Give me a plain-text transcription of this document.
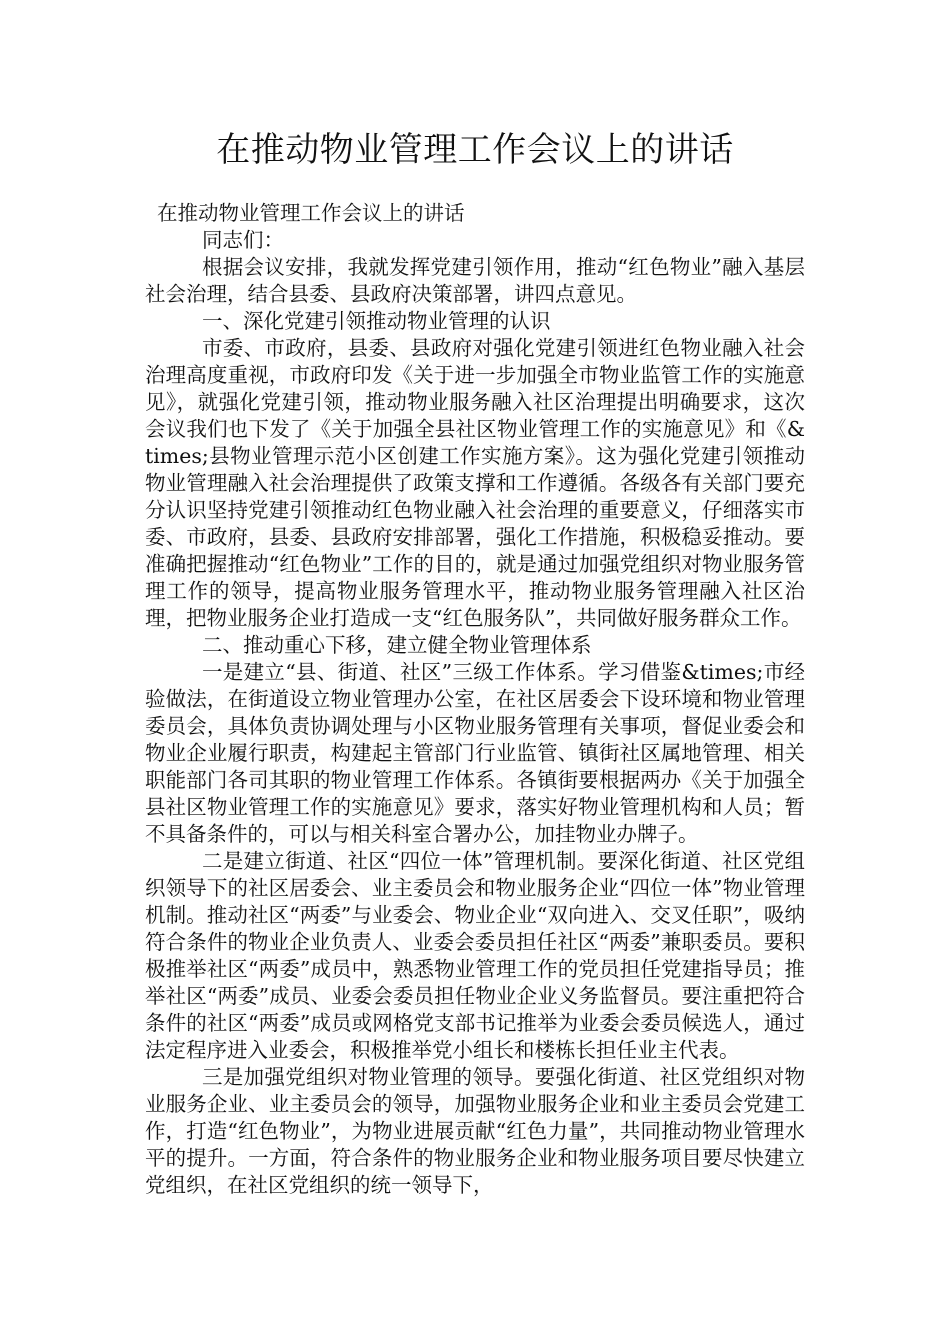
在推动物业管理工作会议上的讲话

在推动物业管理工作会议上的讲话

同志们：

根据会议安排，我就发挥党建引领作用，推动“红色物业”融入基层社会治理，结合县委、县政府决策部署，讲四点意见。

一、深化党建引领推动物业管理的认识

市委、市政府，县委、县政府对强化党建引领进红色物业融入社会治理高度重视，市政府印发《关于进一步加强全市物业监管工作的实施意见》，就强化党建引领，推动物业服务融入社区治理提出明确要求，这次会议我们也下发了《关于加强全县社区物业管理工作的实施意见》和《&times;县物业管理示范小区创建工作实施方案》。这为强化党建引领推动物业管理融入社会治理提供了政策支撑和工作遵循。各级各有关部门要充分认识坚持党建引领推动红色物业融入社会治理的重要意义，仔细落实市委、市政府，县委、县政府安排部署，强化工作措施，积极稳妥推动。要准确把握推动“红色物业”工作的目的，就是通过加强党组织对物业服务管理工作的领导，提高物业服务管理水平，推动物业服务管理融入社区治理，把物业服务企业打造成一支“红色服务队”，共同做好服务群众工作。

二、推动重心下移，建立健全物业管理体系

一是建立“县、街道、社区”三级工作体系。学习借鉴&times;市经验做法，在街道设立物业管理办公室，在社区居委会下设环境和物业管理委员会，具体负责协调处理与小区物业服务管理有关事项，督促业委会和物业企业履行职责，构建起主管部门行业监管、镇街社区属地管理、相关职能部门各司其职的物业管理工作体系。各镇街要根据两办《关于加强全县社区物业管理工作的实施意见》要求，落实好物业管理机构和人员；暂不具备条件的，可以与相关科室合署办公，加挂物业办牌子。

二是建立街道、社区“四位一体”管理机制。要深化街道、社区党组织领导下的社区居委会、业主委员会和物业服务企业“四位一体”物业管理机制。推动社区“两委”与业委会、物业企业“双向进入、交叉任职”，吸纳符合条件的物业企业负责人、业委会委员担任社区“两委”兼职委员。要积极推举社区“两委”成员中，熟悉物业管理工作的党员担任党建指导员；推举社区“两委”成员、业委会委员担任物业企业义务监督员。要注重把符合条件的社区“两委”成员或网格党支部书记推举为业委会委员候选人，通过法定程序进入业委会，积极推举党小组长和楼栋长担任业主代表。

三是加强党组织对物业管理的领导。要强化街道、社区党组织对物业服务企业、业主委员会的领导，加强物业服务企业和业主委员会党建工作，打造“红色物业”，为物业进展贡献“红色力量”，共同推动物业管理水平的提升。一方面，符合条件的物业服务企业和物业服务项目要尽快建立党组织，在社区党组织的统一领导下，
